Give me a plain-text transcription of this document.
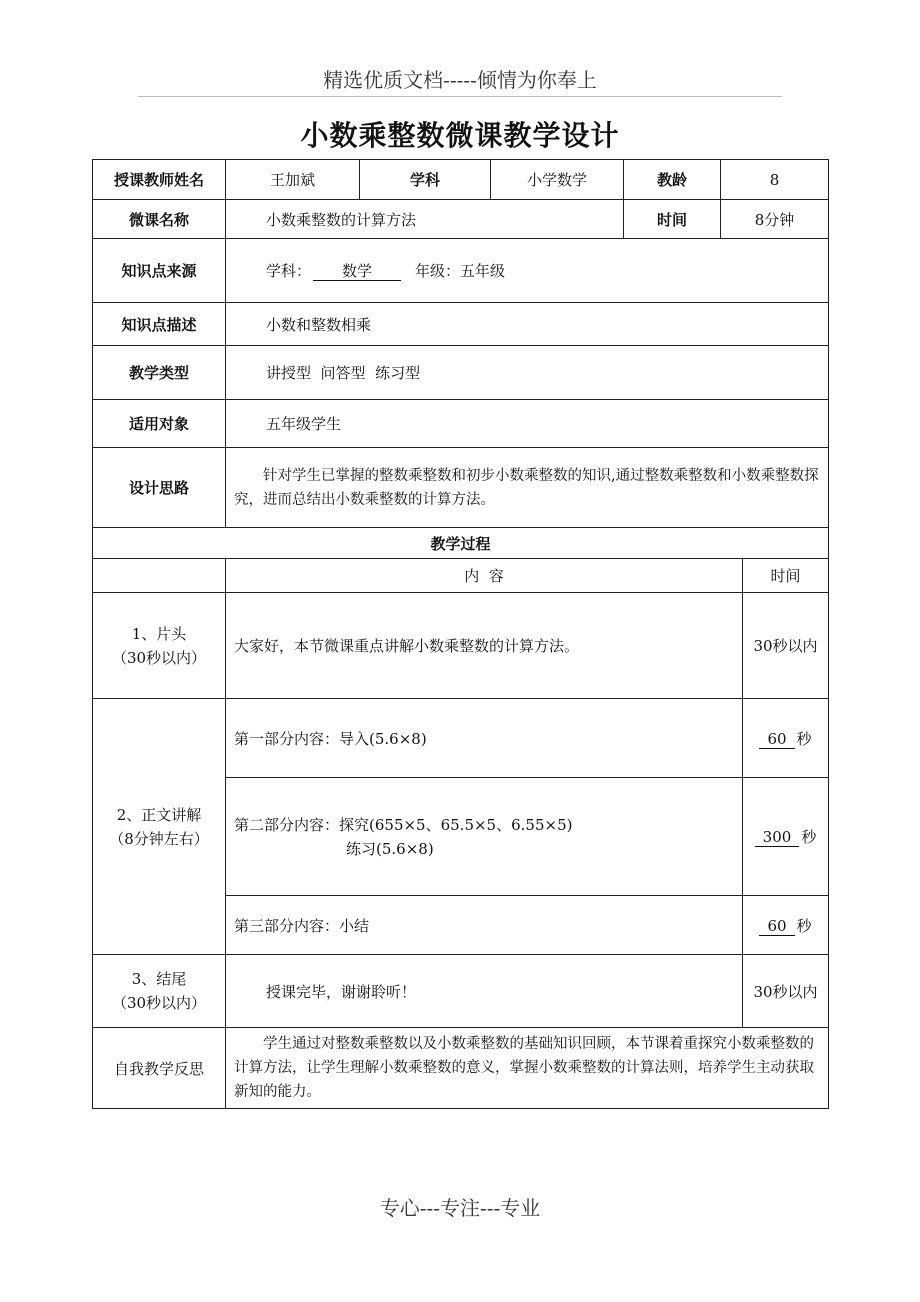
精选优质文档-----倾情为你奉上
小数乘整数微课教学设计
授课教师姓名	王加斌	学科	小学数学	教龄	8
微课名称	小数乘整数的计算方法			时间	8分钟
知识点来源	学科： 数学 年级：五年级				
知识点描述	小数和整数相乘				
教学类型	讲授型  问答型  练习型				
适用对象	五年级学生				
设计思路	针对学生已掌握的整数乘整数和初步小数乘整数的知识,通过整数乘整数和小数乘整数探究，进而总结出小数乘整数的计算方法。				
教学过程		
	内  容	时间

1、片头
（30秒以内）	大家好，本节微课重点讲解小数乘整数的计算方法。	30秒以内

2、正文讲解
（8分钟左右）	第一部分内容：导入(5.6×8)	60 秒

	第二部分内容：探究(655×5、65.5×5、6.55×5)
练习(5.6×8)	300 秒
	第三部分内容：小结	60 秒

3、结尾
（30秒以内）	授课完毕，谢谢聆听！	30秒以内
自我教学反思	学生通过对整数乘整数以及小数乘整数的基础知识回顾，本节课着重探究小数乘整数的计算方法，让学生理解小数乘整数的意义，掌握小数乘整数的计算法则，培养学生主动获取新知的能力。	
专心---专注---专业
